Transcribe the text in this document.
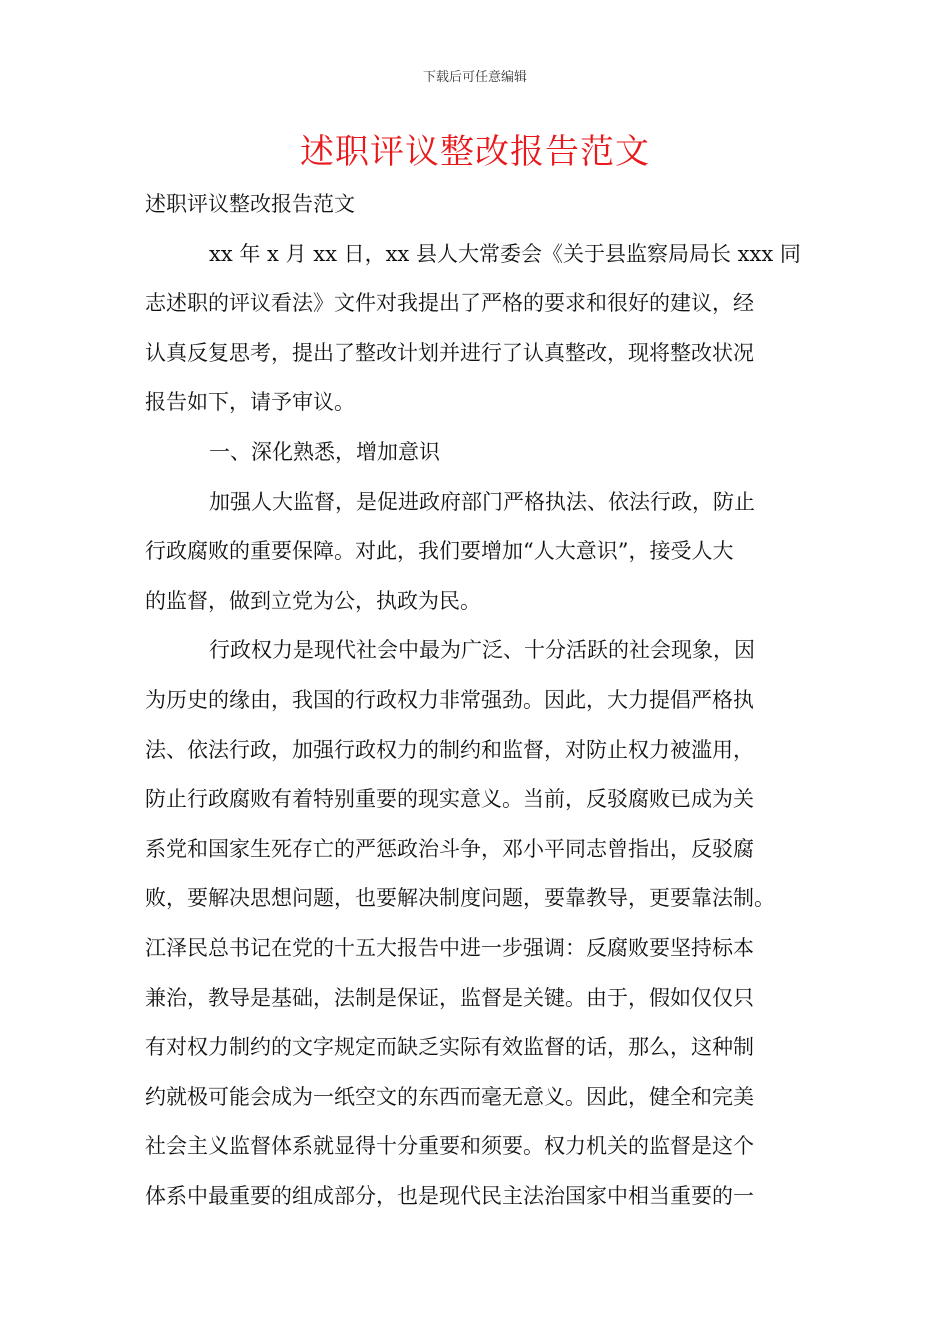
下载后可任意编辑
述职评议整改报告范文
述职评议整改报告范文
xx 年 x 月 xx 日，xx 县人大常委会《关于县监察局局长 xxx 同
志述职的评议看法》文件对我提出了严格的要求和很好的建议，经
认真反复思考，提出了整改计划并进行了认真整改，现将整改状况
报告如下，请予审议。
一、深化熟悉，增加意识
加强人大监督，是促进政府部门严格执法、依法行政，防止
行政腐败的重要保障。对此，我们要增加“人大意识”，接受人大
的监督，做到立党为公，执政为民。
行政权力是现代社会中最为广泛、十分活跃的社会现象，因
为历史的缘由，我国的行政权力非常强劲。因此，大力提倡严格执
法、依法行政，加强行政权力的制约和监督，对防止权力被滥用，
防止行政腐败有着特别重要的现实意义。当前，反驳腐败已成为关
系党和国家生死存亡的严惩政治斗争，邓小平同志曾指出，反驳腐
败，要解决思想问题，也要解决制度问题，要靠教导，更要靠法制。
江泽民总书记在党的十五大报告中进一步强调：反腐败要坚持标本
兼治，教导是基础，法制是保证，监督是关键。由于，假如仅仅只
有对权力制约的文字规定而缺乏实际有效监督的话，那么，这种制
约就极可能会成为一纸空文的东西而毫无意义。因此，健全和完美
社会主义监督体系就显得十分重要和须要。权力机关的监督是这个
体系中最重要的组成部分，也是现代民主法治国家中相当重要的一
